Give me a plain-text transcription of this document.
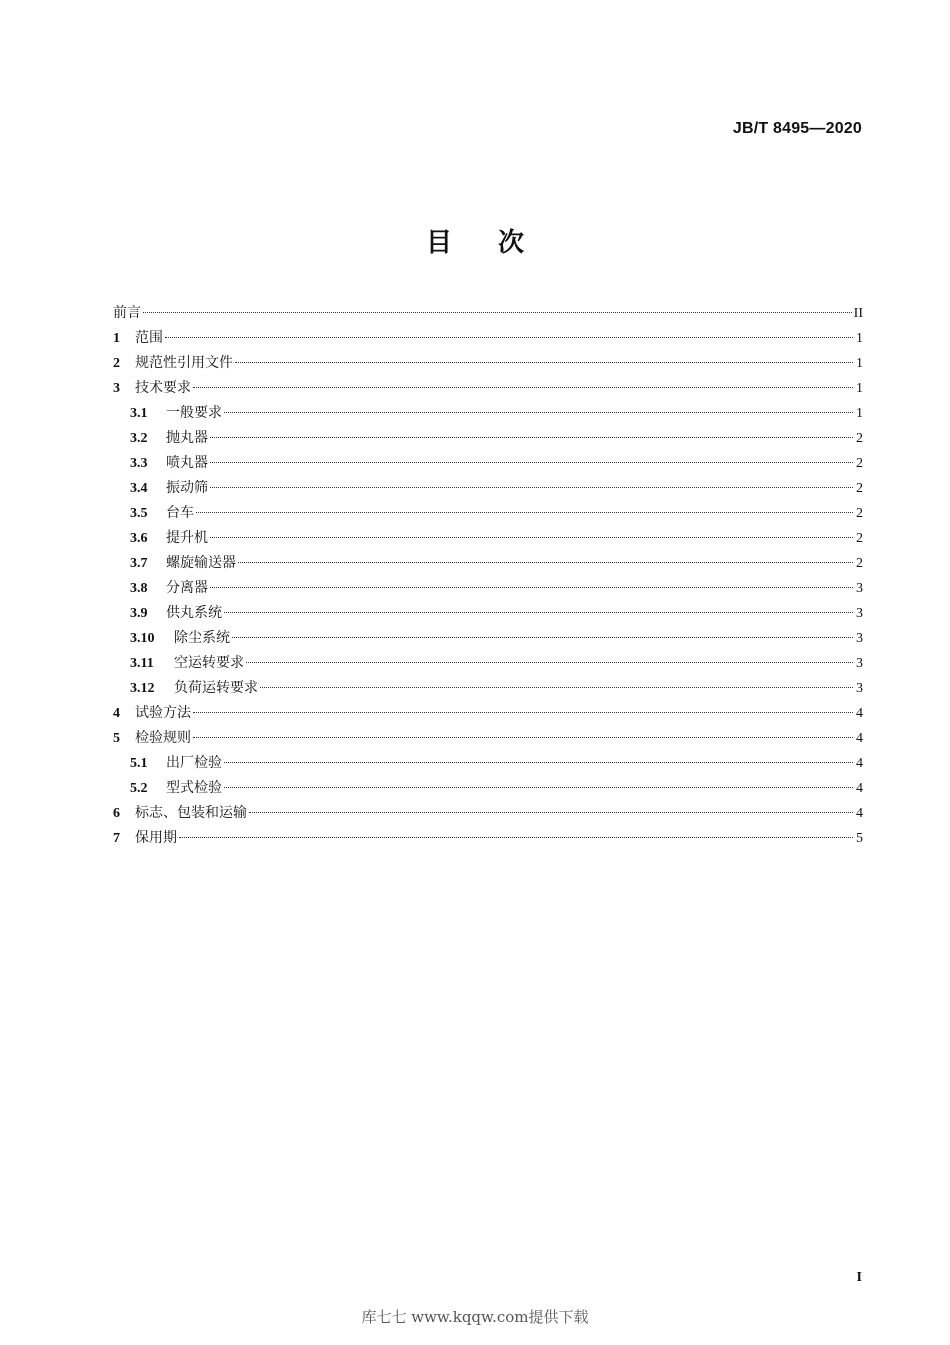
JB/T 8495—2020
目次
前言	II
1	范围	1
2	规范性引用文件	1
3	技术要求	1
3.1	一般要求	1
3.2	抛丸器	2
3.3	喷丸器	2
3.4	振动筛	2
3.5	台车	2
3.6	提升机	2
3.7	螺旋输送器	2
3.8	分离器	3
3.9	供丸系统	3
3.10	除尘系统	3
3.11	空运转要求	3
3.12	负荷运转要求	3
4	试验方法	4
5	检验规则	4
5.1	出厂检验	4
5.2	型式检验	4
6	标志、包装和运输	4
7	保用期	5
I
库七七 www.kqqw.com提供下载
